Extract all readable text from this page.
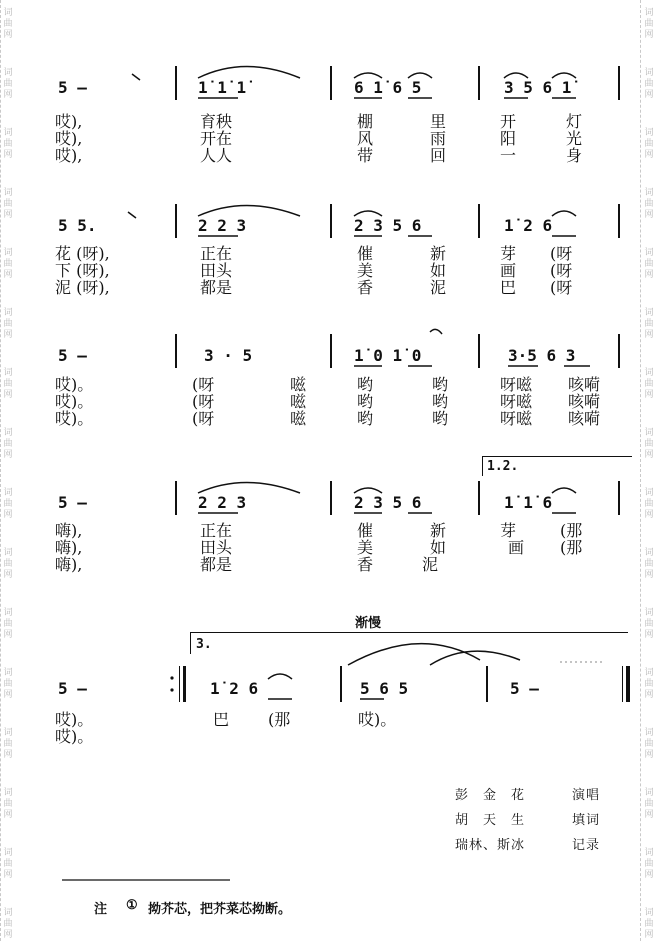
5 –	1̇ 1̇ 1̇	6 1̇ 6 5	3 5 6 1̇
哎),	育秧	棚	里	开	灯
哎),	开在	风	雨	阳	光
哎),	人人	带	回	一	身
5 5.	2 2 3	2 3 5 6	1̇ 2 6
花 (呀),	正在	催	新	芽 (呀
下 (呀),	田头	美	如	画 (呀
泥 (呀),	都是	香	泥	巴 (呀
5 –	3 · 5	1̇ 0 1̇ 0	3·5 6 3
哎)。	(呀	嗞	哟	哟	呀嗞 咳嗬
哎)。	(呀	嗞	哟	哟	呀嗞 咳嗬
哎)。	(呀	嗞	哟	哟	呀嗞 咳嗬
1.2.
5 –	2 2 3	2 3 5 6	1̇ 1̇ 6
嗨),	正在	催	新	芽	(那
嗨),	田头	美	如	画 (那
嗨),	都是	香	泥
渐慢
3.
5 –	1̇ 2 6	5 6 5	5 –
哎)。	巴 (那	哎)。
哎)。
彭　金　花	演唱
胡　天　生	填词
瑞林、斯冰	记录
注 ① 拗芥芯，把芥菜芯拗断。
词
曲
网
词
曲
网
词
曲
网
词
曲
网
词
曲
网
词
曲
网
词
曲
网
词
曲
网
词
曲
网
词
曲
网
词
曲
网
词
曲
网
词
曲
网
词
曲
网
词
曲
网
词
曲
网
词
曲
网
词
曲
网
词
曲
网
词
曲
网
词
曲
网
词
曲
网
词
曲
网
词
曲
网
词
曲
网
词
曲
网
词
曲
网
词
曲
网
词
曲
网
词
曲
网
词
曲
网
词
曲
网
